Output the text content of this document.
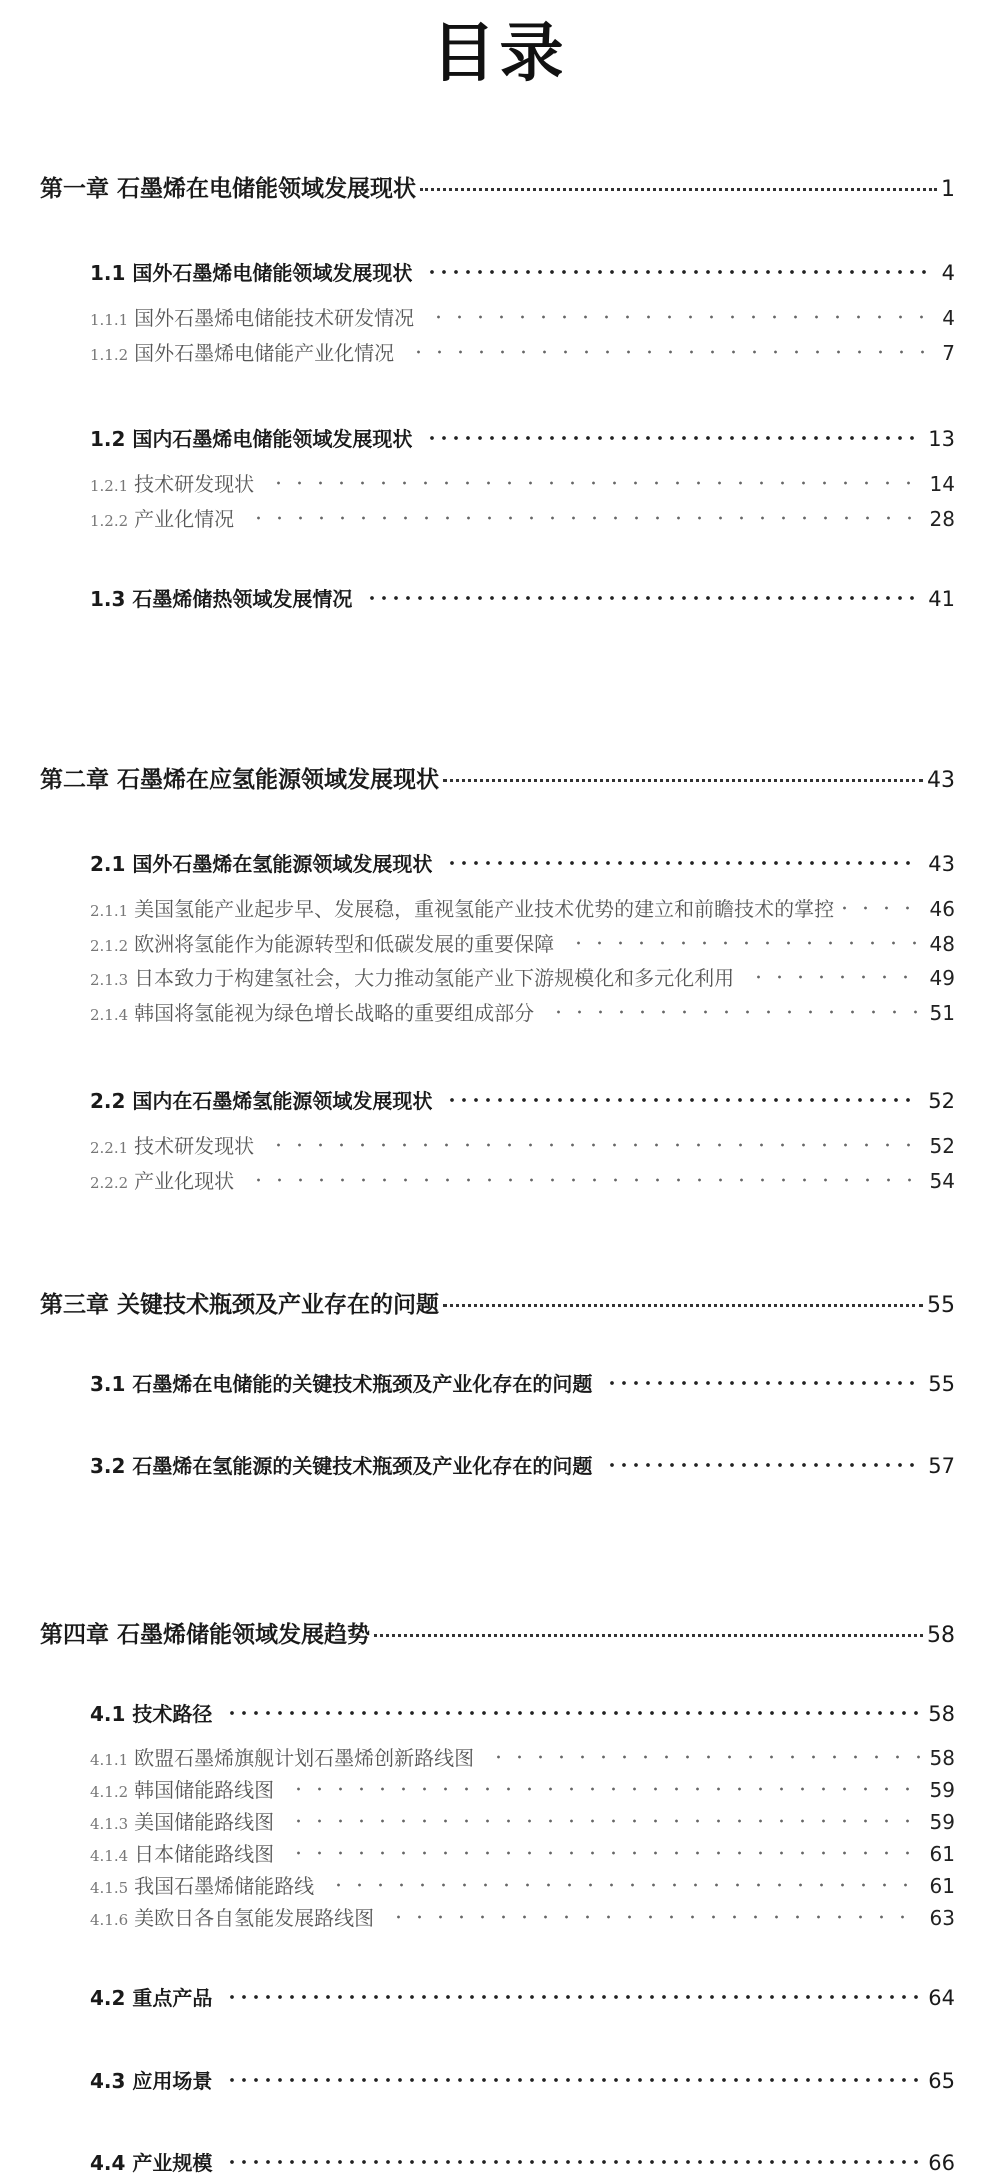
目录
第一章 石墨烯在电储能领域发展现状	1
1.1 国外石墨烯电储能领域发展现状	4
1.1.1 国外石墨烯电储能技术研发情况	4
1.1.2 国外石墨烯电储能产业化情况	7
1.2 国内石墨烯电储能领域发展现状	13
1.2.1 技术研发现状	14
1.2.2 产业化情况	28
1.3 石墨烯储热领域发展情况	41
第二章 石墨烯在应氢能源领域发展现状	43
2.1 国外石墨烯在氢能源领域发展现状	43
2.1.1 美国氢能产业起步早、发展稳，重视氢能产业技术优势的建立和前瞻技术的掌控	46
2.1.2 欧洲将氢能作为能源转型和低碳发展的重要保障	48
2.1.3 日本致力于构建氢社会，大力推动氢能产业下游规模化和多元化利用	49
2.1.4 韩国将氢能视为绿色增长战略的重要组成部分	51
2.2 国内在石墨烯氢能源领域发展现状	52
2.2.1 技术研发现状	52
2.2.2 产业化现状	54
第三章 关键技术瓶颈及产业存在的问题	55
3.1 石墨烯在电储能的关键技术瓶颈及产业化存在的问题	55
3.2 石墨烯在氢能源的关键技术瓶颈及产业化存在的问题	57
第四章 石墨烯储能领域发展趋势	58
4.1 技术路径	58
4.1.1 欧盟石墨烯旗舰计划石墨烯创新路线图	58
4.1.2 韩国储能路线图	59
4.1.3 美国储能路线图	59
4.1.4 日本储能路线图	61
4.1.5 我国石墨烯储能路线	61
4.1.6 美欧日各自氢能发展路线图	63
4.2 重点产品	64
4.3 应用场景	65
4.4 产业规模	66
